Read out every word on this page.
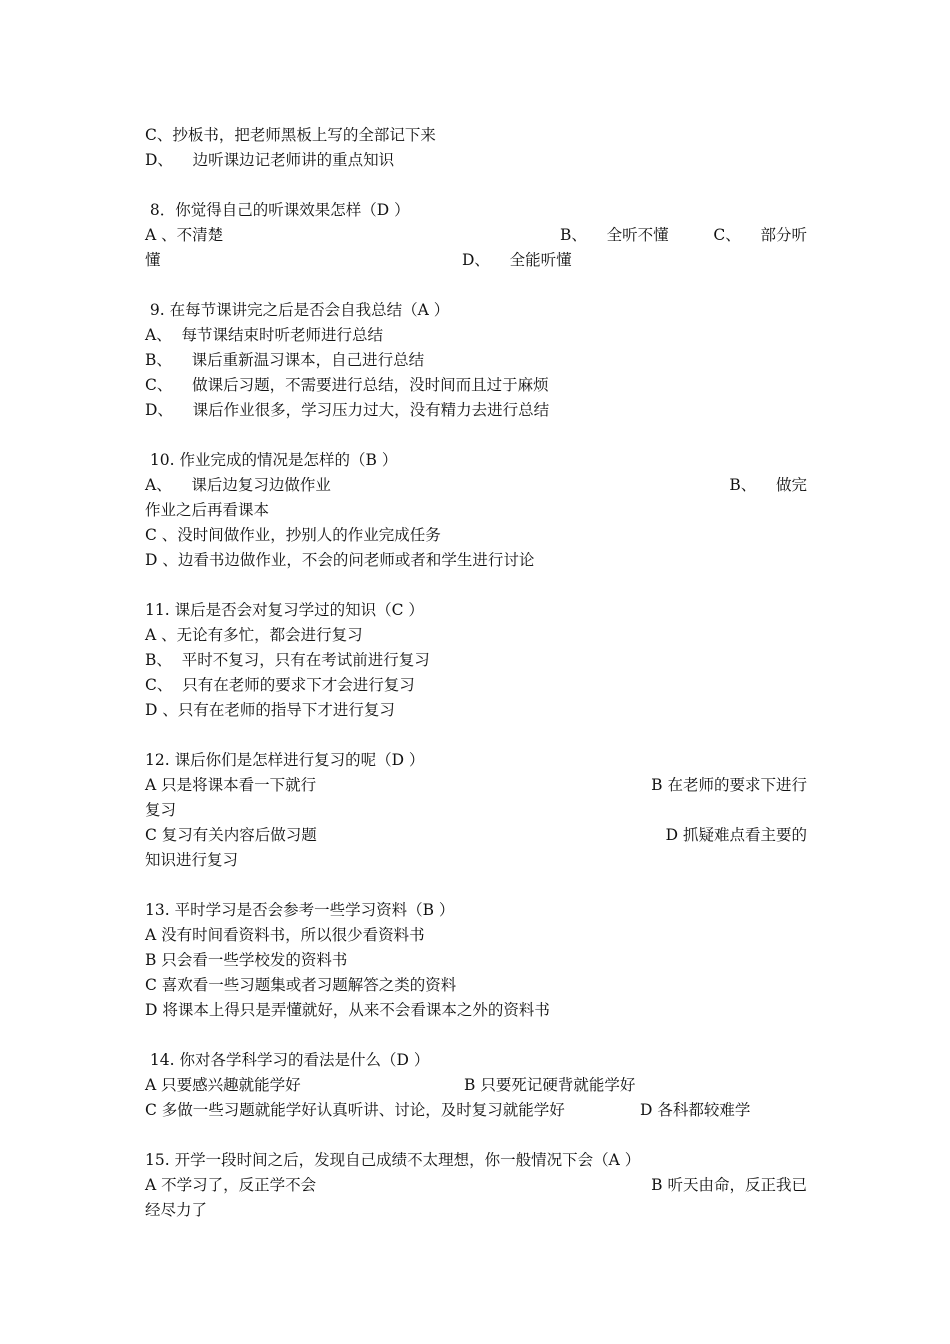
C、抄板书，把老师黑板上写的全部记下来
D、    边听课边记老师讲的重点知识
8．你觉得自己的听课效果怎样（D ）

A 、不清楚

	B、    全听不懂

	C、    部分听

懂

	D、    全能听懂

9. 在每节课讲完之后是否会自我总结（A ）
A、  每节课结束时听老师进行总结
B、    课后重新温习课本，自己进行总结
C、    做课后习题，不需要进行总结，没时间而且过于麻烦
D、    课后作业很多，学习压力过大，没有精力去进行总结
10. 作业完成的情况是怎样的（B ）
A、    课后边复习边做作业	B、    做完
作业之后再看课本
C 、没时间做作业，抄别人的作业完成任务
D 、边看书边做作业，不会的问老师或者和学生进行讨论
11. 课后是否会对复习学过的知识（C ）
A 、无论有多忙，都会进行复习
B、  平时不复习，只有在考试前进行复习
C、  只有在老师的要求下才会进行复习
D 、只有在老师的指导下才进行复习
12. 课后你们是怎样进行复习的呢（D ）
A 只是将课本看一下就行	B 在老师的要求下进行
复习
C 复习有关内容后做习题	D 抓疑难点看主要的
知识进行复习
13. 平时学习是否会参考一些学习资料（B ）
A 没有时间看资料书，所以很少看资料书
B 只会看一些学校发的资料书
C 喜欢看一些习题集或者习题解答之类的资料
D 将课本上得只是弄懂就好，从来不会看课本之外的资料书
14. 你对各学科学习的看法是什么（D ）

A 只要感兴趣就能学好

	B 只要死记硬背就能学好

C 多做一些习题就能学好认真听讲、讨论，及时复习就能学好

	D 各科都较难学

15. 开学一段时间之后，发现自己成绩不太理想，你一般情况下会（A ）
A 不学习了，反正学不会	B 听天由命，反正我已
经尽力了
